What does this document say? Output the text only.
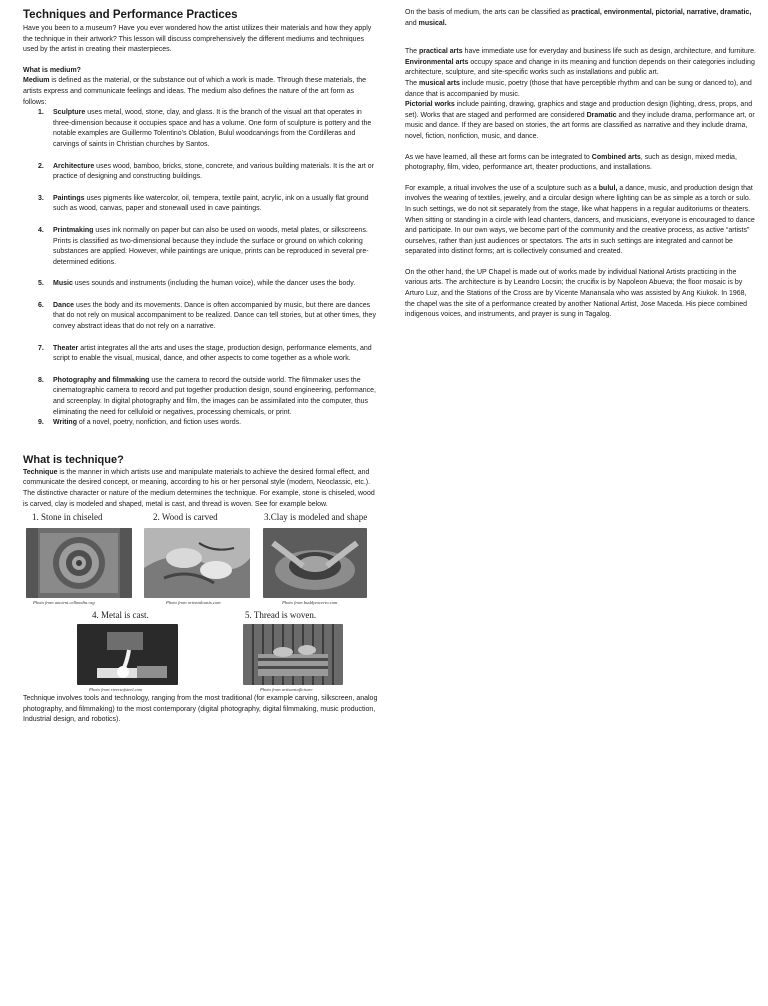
Techniques and Performance Practices

Have you been to a museum? Have you ever wondered how the artist utilizes their materials and how they apply the technique in their artwork? This lesson will discuss comprehensively the different mediums and techniques used by the artist in creating their masterpieces.

What is medium?

Medium is defined as the material, or the substance out of which a work is made. Through these materials, the artists express and communicate feelings and ideas. The medium also defines the nature of the art form as follows:

1. Sculpture uses metal, wood, stone, clay, and glass. It is the branch of the visual art that operates in three-dimension because it occupies space and has a volume. One form of sculpture is pottery and the notable examples are Guillermo Tolentino's Oblation, Bulul woodcarvings from the Cordilleras and carvings of saints in Christian churches by Santos.
2. Architecture uses wood, bamboo, bricks, stone, concrete, and various building materials. It is the art or practice of designing and constructing buildings.
3. Paintings uses pigments like watercolor, oil, tempera, textile paint, acrylic, ink on a usually flat ground such as wood, canvas, paper and stonewall used in cave paintings.
4. Printmaking uses ink normally on paper but can also be used on woods, metal plates, or silkscreens. Prints is classified as two-dimensional because they include the surface or ground on which coloring substances are applied. However, while paintings are unique, prints can be reproduced in several pre-determined editions.
5. Music uses sounds and instruments (including the human voice), while the dancer uses the body.
6. Dance uses the body and its movements. Dance is often accompanied by music, but there are dances that do not rely on musical accompaniment to be realized. Dance can tell stories, but at other times, they convey abstract ideas that do not rely on a narrative.
7. Theater artist integrates all the arts and uses the stage, production design, performance elements, and script to enable the visual, musical, dance, and other aspects to come together as a whole work.
8. Photography and filmmaking use the camera to record the outside world. The filmmaker uses the cinematographic camera to record and put together production design, sound engineering, performance, and screenplay. In digital photography and film, the images can be assimilated into the computer, thus eliminating the need for celluloid or negatives, processing chemicals, or print.
9. Writing of a novel, poetry, nonfiction, and fiction uses words.
What is technique?

Technique is the manner in which artists use and manipulate materials to achieve the desired formal effect, and communicate the desired concept, or meaning, according to his or her personal style (modern, Neoclassic, etc.). The distinctive character or nature of the medium determines the technique. For example, stone is chiseled, wood is carved, clay is modeled and shaped, metal is cast, and thread is woven. See for example below.

1. Stone in chiseled	2. Wood is carved	3.Clay is modeled and shape
Photo from ancient.cellmedia.org	Photo from orientaloasis.com	Photo from buddyexcerto.com
4. Metal is cast.	5. Thread is woven.
Photo from riversofsteel.com	Photo from artisansofleisure

Technique involves tools and technology, ranging from the most traditional (for example carving, silkscreen, analog photography, and filmmaking) to the most contemporary (digital photography, digital filmmaking, music production, Industrial design, and robotics).

On the basis of medium, the arts can be classified as practical, environmental, pictorial, narrative, dramatic, and musical.

The practical arts have immediate use for everyday and business life such as design, architecture, and furniture.

Environmental arts occupy space and change in its meaning and function depends on their categories including architecture, sculpture, and site-specific works such as installations and public art.

The musical arts include music, poetry (those that have perceptible rhythm and can be sung or danced to), and dance that is accompanied by music.

Pictorial works include painting, drawing, graphics and stage and production design (lighting, dress, props, and set). Works that are staged and performed are considered Dramatic and they include drama, performance art, or music and dance. If they are based on stories, the art forms are classified as narrative and they include drama, novel, fiction, nonfiction, music, and dance.

As we have learned, all these art forms can be integrated to Combined arts, such as design, mixed media, photography, film, video, performance art, theater productions, and installations.

For example, a ritual involves the use of a sculpture such as a bulul, a dance, music, and production design that involves the wearing of textiles, jewelry, and a circular design where lighting can be as simple as a torch or sulo. In such settings, we do not sit separately from the stage, like what happens in a regular auditoriums or theaters. When sitting or standing in a circle with lead chanters, dancers, and musicians, everyone is encouraged to dance and participate. In our own ways, we become part of the community and the creative process, as active “artists” ourselves, rather than just audiences or spectators. The arts in such settings are integrated and cannot be separated into distinct forms; art is collectively consumed and created.

On the other hand, the UP Chapel is made out of works made by individual National Artists practicing in the various arts. The architecture is by Leandro Locsin; the crucifix is by Napoleon Abueva; the floor mosaic is by Arturo Luz, and the Stations of the Cross are by Vicente Manansala who was assisted by Ang Kiukok. In 1968, the chapel was the site of a performance created by another National Artist, Jose Maceda. His piece combined indigenous voices, and instruments, and prayer is sung in Tagalog.
